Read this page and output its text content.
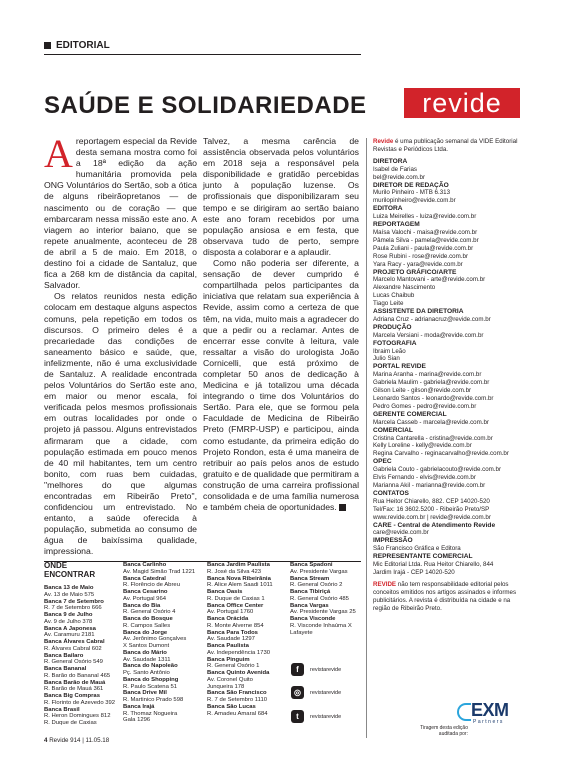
EDITORIAL
SAÚDE E SOLIDARIEDADE	revide

Areportagem especial da Revide desta semana mostra como foi a 18ª edição da ação humanitária promovida pela ONG Voluntários do Sertão, sob a ótica de alguns ribeirãopretanos — de nascimento ou de coração — que embarcaram nessa missão este ano. A viagem ao interior baiano, que se repete anualmente, aconteceu de 28 de abril a 5 de maio. Em 2018, o destino foi a cidade de Santaluz, que fica a 268 km de distância da capital, Salvador.

Os relatos reunidos nesta edição colocam em destaque alguns aspectos comuns, pela repetição em todos os discursos. O primeiro deles é a precariedade das condições de saneamento básico e saúde, que, infelizmente, não é uma exclusividade de Santaluz. A realidade encontrada pelos Voluntários do Sertão este ano, em maior ou menor escala, foi verificada pelos mesmos profissionais em outras localidades por onde o projeto já passou. Alguns entrevistados afirmaram que a cidade, com população estimada em pouco menos de 40 mil habitantes, tem um centro bonito, com ruas bem cuidadas, "melhores do que algumas encontradas em Ribeirão Preto", confidenciou um entrevistado. No entanto, a saúde oferecida à população, submetida ao consumo de água de baixíssima qualidade, impressiona.

Talvez, a mesma carência de assistência observada pelos voluntários em 2018 seja a responsável pela disponibilidade e gratidão percebidas junto à população luzense. Os profissionais que disponibilizaram seu tempo e se dirigiram ao sertão baiano este ano foram recebidos por uma população ansiosa e em festa, que observava tudo de perto, sempre disposta a colaborar e a aplaudir.

Como não poderia ser diferente, a sensação de dever cumprido é compartilhada pelos participantes da iniciativa que relatam sua experiência à Revide, assim como a certeza de que têm, na vida, muito mais a agradecer do que a pedir ou a reclamar. Antes de encerrar esse convite à leitura, vale ressaltar a visão do urologista João Cornicelli, que está próximo de completar 50 anos de dedicação à Medicina e já totalizou uma década integrando o time dos Voluntários do Sertão. Para ele, que se formou pela Faculdade de Medicina de Ribeirão Preto (FMRP-USP) e participou, ainda como estudante, da primeira edição do Projeto Rondon, esta é uma maneira de retribuir ao país pelos anos de estudo gratuito e de qualidade que permitiram a construção de uma carreira profissional consolidada e de uma família numerosa e também cheia de oportunidades.

Revide é uma publicação semanal da VIDE Editorial Revistas e Periódicos Ltda.
DIRETORA
Isabel de Farias
bel@revide.com.br
DIRETOR DE REDAÇÃO
Murilo Pinheiro - MTB 6.313
murilopinheiro@revide.com.br
EDITORA
Luiza Meirelles - luiza@revide.com.br
REPORTAGEM
Maísa Valochi - maisa@revide.com.br
Pâmela Silva - pamela@revide.com.br
Paula Zuliani - paula@revide.com.br
Rose Rubini - rose@revide.com.br
Yara Racy - yara@revide.com.br
PROJETO GRÁFICO/ARTE
Marcelo Mantovani - arte@revide.com.br
Alexandre Nascimento
Lucas Chaibub
Tiago Leite
ASSISTENTE DA DIRETORIA
Adriana Cruz - adrianacruz@revide.com.br
PRODUÇÃO
Marcela Versiani - moda@revide.com.br
FOTOGRAFIA
Ibraim Leão
Julio Sian
PORTAL REVIDE
Marina Aranha - marina@revide.com.br
Gabriela Maulim - gabriela@revide.com.br
Gilson Leite - gilson@revide.com.br
Leonardo Santos - leonardo@revide.com.br
Pedro Gomes - pedro@revide.com.br
GERENTE COMERCIAL
Marcela Casseb - marcela@revide.com.br
COMERCIAL
Cristina Cantarella - cristina@revide.com.br
Kelly Loreline - kelly@revide.com.br
Regina Carvalho - reginacarvalho@revide.com.br
OPEC
Gabriela Couto - gabrielacouto@revide.com.br
Elvis Fernando - elvis@revide.com.br
Marianna Akil - marianna@revide.com.br
CONTATOS
Rua Heitor Chiarello, 882. CEP 14020-520
Tel/Fax: 16 3602.5200 - Ribeirão Preto/SP
www.revide.com.br | revide@revide.com.br
CARE - Central de Atendimento Revide
care@revide.com.br
IMPRESSÃO
São Francisco Gráfica e Editora
REPRESENTANTE COMERCIAL
Mic Editorial Ltda. Rua Heitor Chiarello, 844
Jardim Irajá - CEP 14020-520
REVIDE não tem responsabilidade editorial pelos conceitos emitidos nos artigos assinados e informes publicitários. A revista é distribuída na cidade e na região de Ribeirão Preto.
ONDE
ENCONTRAR
Banca 13 de Maio
Av. 13 de Maio 575
Banca 7 de Setembro
R. 7 de Setembro 666
Banca 9 de Julho
Av. 9 de Julho 378
Banca A Japonesa
Av. Caramuru 2181
Banca Álvares Cabral
R. Álvares Cabral 602
Banca Bailaro
R. General Osório 549
Banca Bananal
R. Barão do Bananal 465
Banca Barão de Mauá
R. Barão de Mauá 361
Banca Big Compras
R. Florinto de Azevedo 392
Banca Brasil
R. Heron Domingues 812
R. Duque de Caxias
Banca Carlinho
Av. Magid Simão Trad 1221
Banca Catedral
R. Florêncio de Abreu
Banca Cesarino
Av. Portugal 964
Banca do Bia
R. General Osório 4
Banca do Bosque
R. Campos Salles
Banca do Jorge
Av. Jerônimo Gonçalves
X Santos Dumont
Banca do Mário
Av. Saudade 1311
Banca do Napoleão
Pç. Santo Antônio
Banca do Shopping
R. Paulo Scatena 51
Banca Drive Mil
R. Martinico Prado 598
Banca Irajá
R. Thomaz Nogueira
Gala 1296
Banca Jardim Paulista
R. José da Silva 423
Banca Nova Ribeirânia
R. Alice Alem Saadi 1011
Banca Oasis
R. Duque de Caxias 1
Banca Office Center
Av. Portugal 1760
Banca Orácida
R. Monte Alverne 854
Banca Para Todos
Av. Saudade 1297
Banca Paulista
Av. Independência 1730
Banca Pinguim
R. General Osório 1
Banca Quinto Avenida
Av. Coronel Quito
Junqueira 178
Banca São Francisco
R. 7 de Setembro 1110
Banca São Lucas
R. Amadeu Amaral 684
Banca Spadoni
Av. Presidente Vargas
Banca Stream
R. General Osório 2
Banca Tibiriçá
R. General Osório 485
Banca Vargas
Av. Presidente Vargas 25
Banca Visconde
R. Visconde Inhaúma X
Lafayete
f	revistarevide
◎	revistarevide
t	revistarevide
4 Revide 914 | 11.05.18
Tiragem desta edição auditada por:
EXM
Partners
